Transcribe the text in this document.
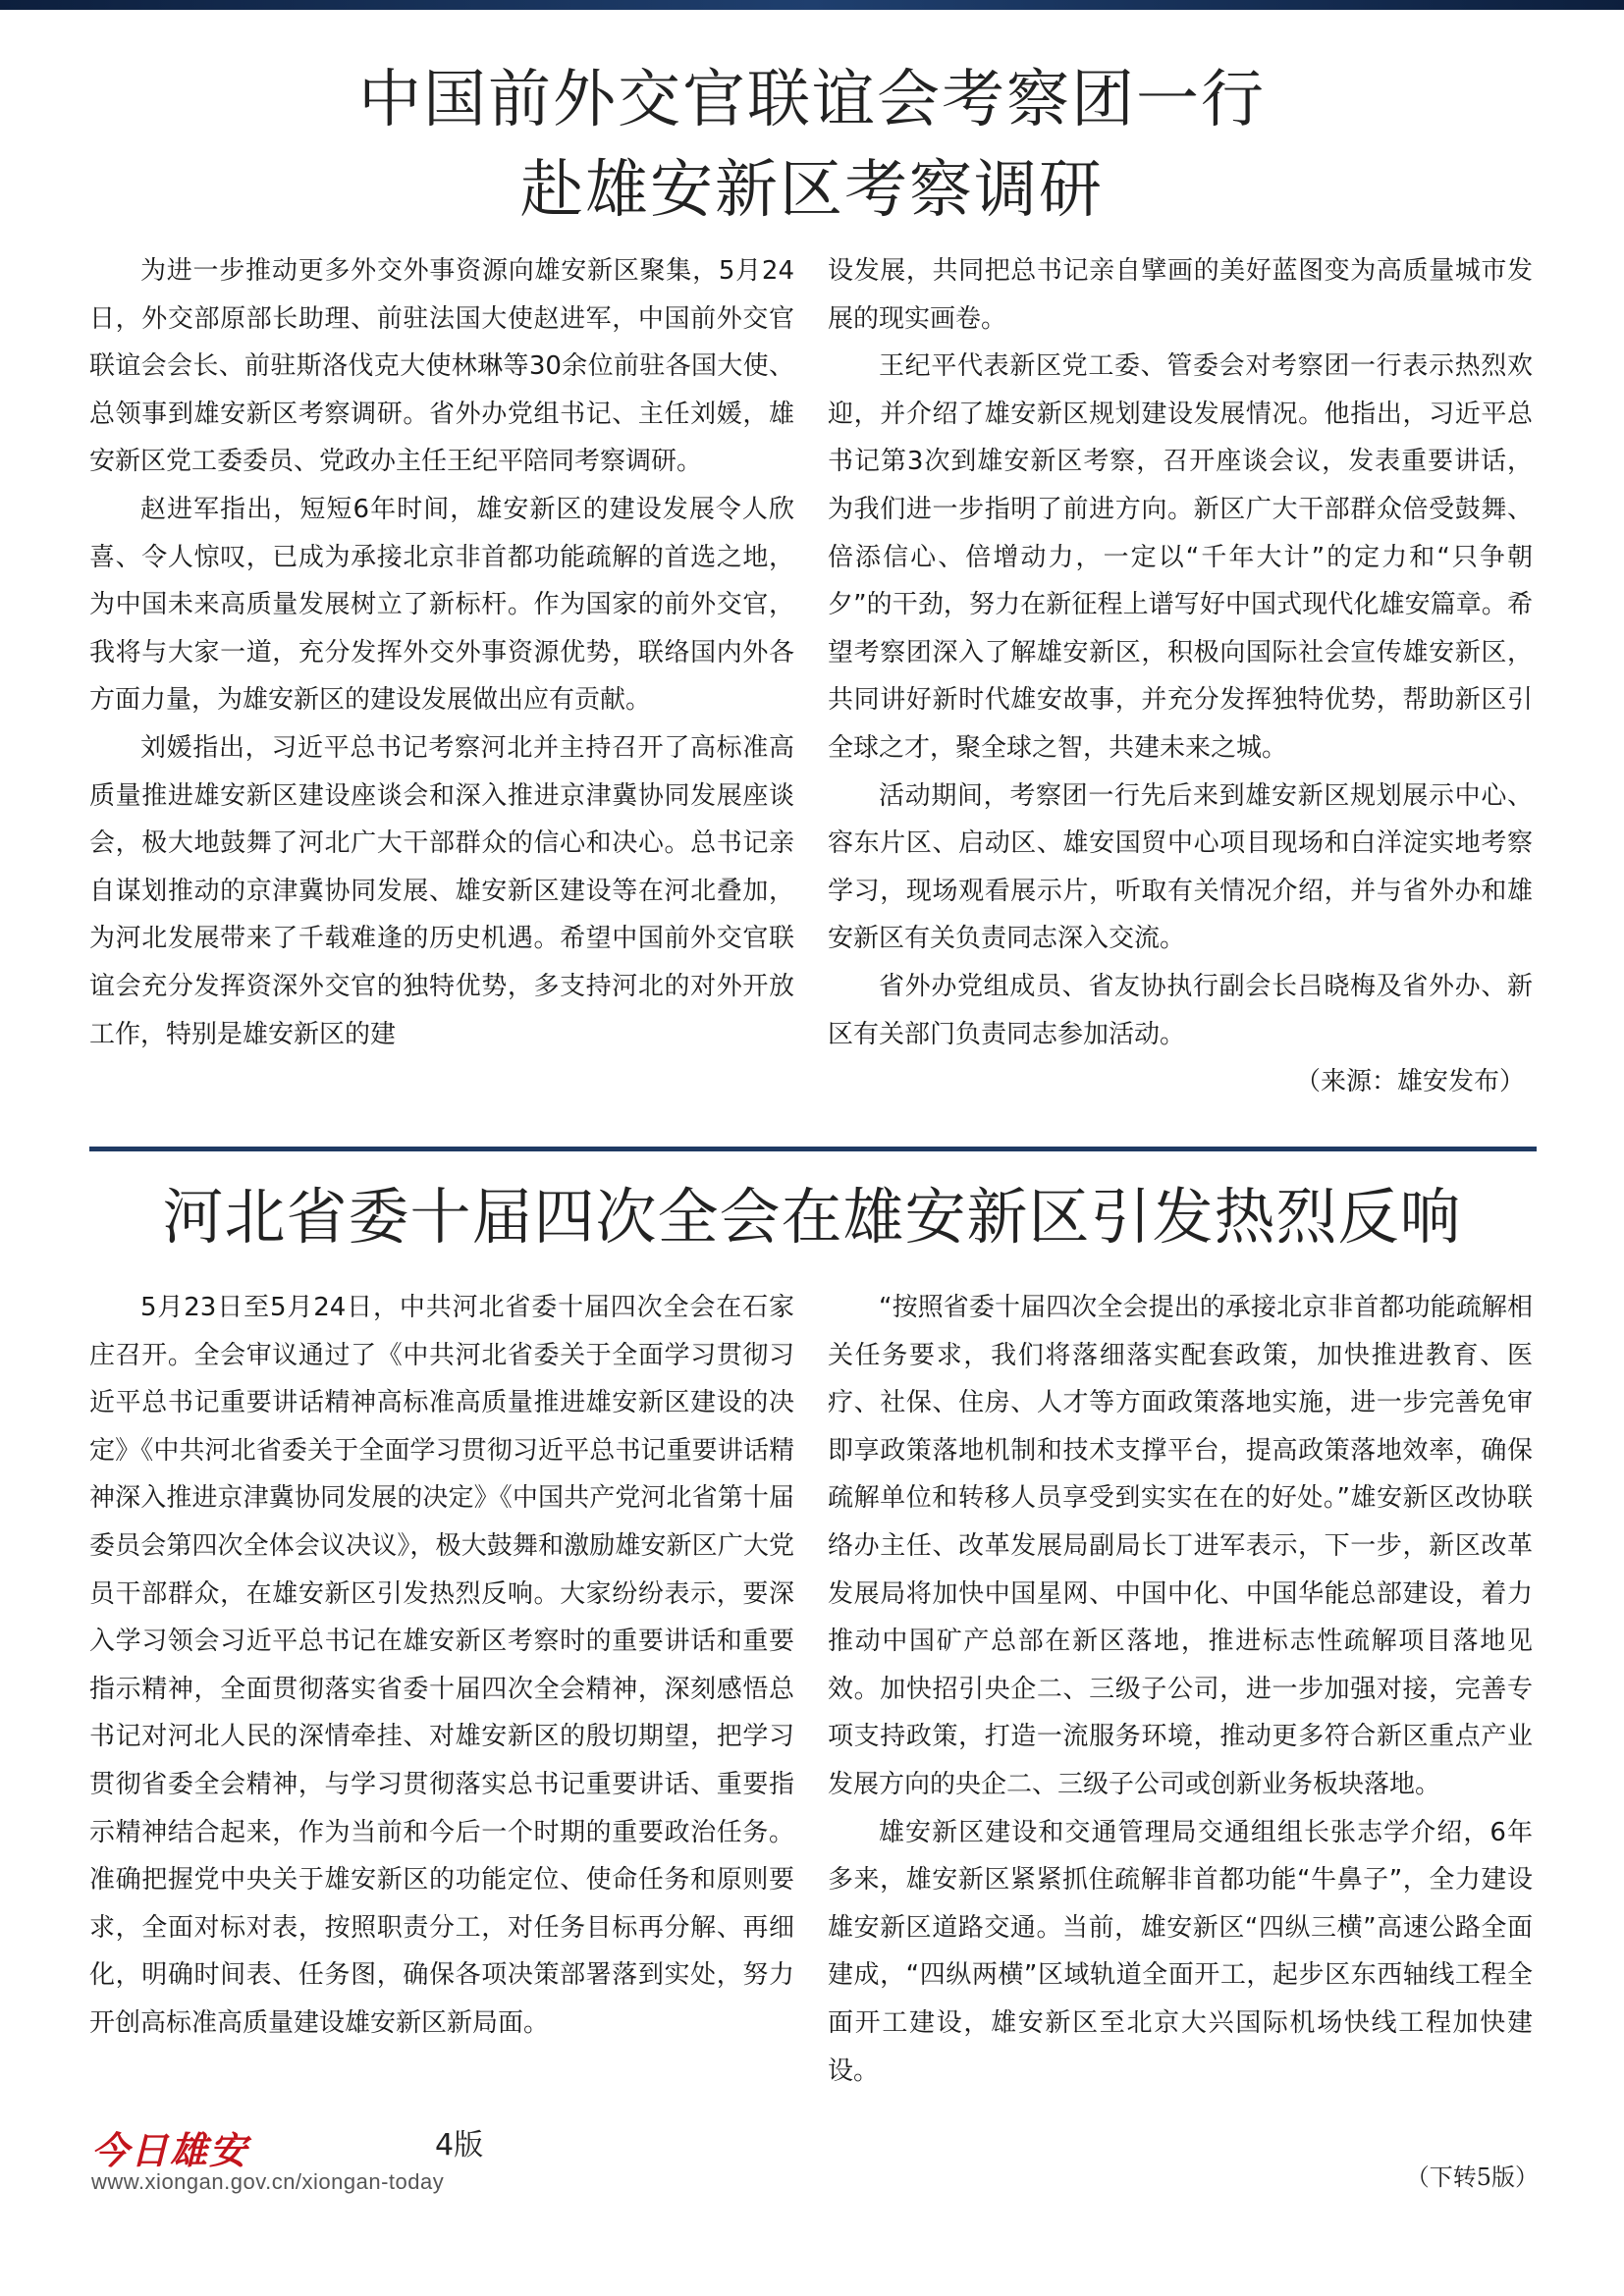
中国前外交官联谊会考察团一行
赴雄安新区考察调研

为进一步推动更多外交外事资源向雄安新区聚集，5月24日，外交部原部长助理、前驻法国大使赵进军，中国前外交官联谊会会长、前驻斯洛伐克大使林琳等30余位前驻各国大使、总领事到雄安新区考察调研。省外办党组书记、主任刘媛，雄安新区党工委委员、党政办主任王纪平陪同考察调研。

赵进军指出，短短6年时间，雄安新区的建设发展令人欣喜、令人惊叹，已成为承接北京非首都功能疏解的首选之地，为中国未来高质量发展树立了新标杆。作为国家的前外交官，我将与大家一道，充分发挥外交外事资源优势，联络国内外各方面力量，为雄安新区的建设发展做出应有贡献。

刘媛指出，习近平总书记考察河北并主持召开了高标准高质量推进雄安新区建设座谈会和深入推进京津冀协同发展座谈会，极大地鼓舞了河北广大干部群众的信心和决心。总书记亲自谋划推动的京津冀协同发展、雄安新区建设等在河北叠加，为河北发展带来了千载难逢的历史机遇。希望中国前外交官联谊会充分发挥资深外交官的独特优势，多支持河北的对外开放工作，特别是雄安新区的建

设发展，共同把总书记亲自擘画的美好蓝图变为高质量城市发展的现实画卷。

王纪平代表新区党工委、管委会对考察团一行表示热烈欢迎，并介绍了雄安新区规划建设发展情况。他指出，习近平总书记第3次到雄安新区考察，召开座谈会议，发表重要讲话，为我们进一步指明了前进方向。新区广大干部群众倍受鼓舞、倍添信心、倍增动力，一定以“千年大计”的定力和“只争朝夕”的干劲，努力在新征程上谱写好中国式现代化雄安篇章。希望考察团深入了解雄安新区，积极向国际社会宣传雄安新区，共同讲好新时代雄安故事，并充分发挥独特优势，帮助新区引全球之才，聚全球之智，共建未来之城。

活动期间，考察团一行先后来到雄安新区规划展示中心、容东片区、启动区、雄安国贸中心项目现场和白洋淀实地考察学习，现场观看展示片，听取有关情况介绍，并与省外办和雄安新区有关负责同志深入交流。

省外办党组成员、省友协执行副会长吕晓梅及省外办、新区有关部门负责同志参加活动。

（来源：雄安发布）

河北省委十届四次全会在雄安新区引发热烈反响

5月23日至5月24日，中共河北省委十届四次全会在石家庄召开。全会审议通过了《中共河北省委关于全面学习贯彻习近平总书记重要讲话精神高标准高质量推进雄安新区建设的决定》《中共河北省委关于全面学习贯彻习近平总书记重要讲话精神深入推进京津冀协同发展的决定》《中国共产党河北省第十届委员会第四次全体会议决议》，极大鼓舞和激励雄安新区广大党员干部群众，在雄安新区引发热烈反响。大家纷纷表示，要深入学习领会习近平总书记在雄安新区考察时的重要讲话和重要指示精神，全面贯彻落实省委十届四次全会精神，深刻感悟总书记对河北人民的深情牵挂、对雄安新区的殷切期望，把学习贯彻省委全会精神，与学习贯彻落实总书记重要讲话、重要指示精神结合起来，作为当前和今后一个时期的重要政治任务。准确把握党中央关于雄安新区的功能定位、使命任务和原则要求，全面对标对表，按照职责分工，对任务目标再分解、再细化，明确时间表、任务图，确保各项决策部署落到实处，努力开创高标准高质量建设雄安新区新局面。

“按照省委十届四次全会提出的承接北京非首都功能疏解相关任务要求，我们将落细落实配套政策，加快推进教育、医疗、社保、住房、人才等方面政策落地实施，进一步完善免审即享政策落地机制和技术支撑平台，提高政策落地效率，确保疏解单位和转移人员享受到实实在在的好处。”雄安新区改协联络办主任、改革发展局副局长丁进军表示，下一步，新区改革发展局将加快中国星网、中国中化、中国华能总部建设，着力推动中国矿产总部在新区落地，推进标志性疏解项目落地见效。加快招引央企二、三级子公司，进一步加强对接，完善专项支持政策，打造一流服务环境，推动更多符合新区重点产业发展方向的央企二、三级子公司或创新业务板块落地。

雄安新区建设和交通管理局交通组组长张志学介绍，6年多来，雄安新区紧紧抓住疏解非首都功能“牛鼻子”，全力建设雄安新区道路交通。当前，雄安新区“四纵三横”高速公路全面建成，“四纵两横”区域轨道全面开工，起步区东西轴线工程全面开工建设，雄安新区至北京大兴国际机场快线工程加快建设。

今日雄安	4版
www.xiongan.gov.cn/xiongan-today	（下转5版）
